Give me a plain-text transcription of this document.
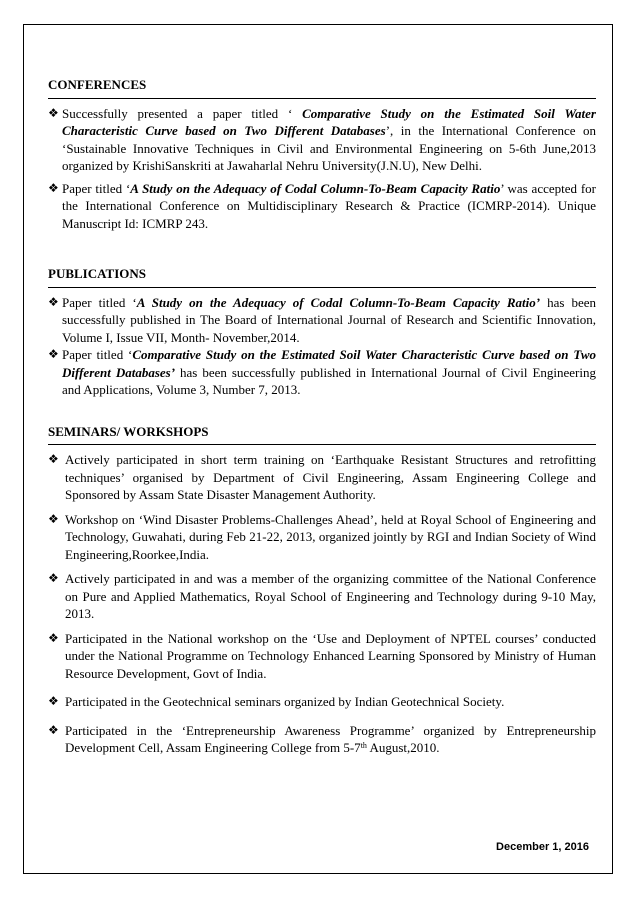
CONFERENCES
❖ Successfully presented a paper titled ‘ Comparative Study on the Estimated Soil Water Characteristic Curve based on Two Different Databases’, in the International Conference on ‘Sustainable Innovative Techniques in Civil and Environmental Engineering on 5-6th June,2013 organized by KrishiSanskriti at Jawaharlal Nehru University(J.N.U), New Delhi.
❖ Paper titled ‘A Study on the Adequacy of Codal Column-To-Beam Capacity Ratio’ was accepted for the International Conference on Multidisciplinary Research & Practice (ICMRP-2014). Unique Manuscript Id: ICMRP 243.
PUBLICATIONS
❖ Paper titled ‘A Study on the Adequacy of Codal Column-To-Beam Capacity Ratio’ has been successfully published in The Board of International Journal of Research and Scientific Innovation, Volume I, Issue VII, Month- November,2014.
❖ Paper titled ‘Comparative Study on the Estimated Soil Water Characteristic Curve based on Two Different Databases’ has been successfully published in International Journal of Civil Engineering and Applications, Volume 3, Number 7, 2013.
SEMINARS/ WORKSHOPS
❖ Actively participated in short term training on ‘Earthquake Resistant Structures and retrofitting techniques’ organised by Department of Civil Engineering, Assam Engineering College and Sponsored by Assam State Disaster Management Authority.
❖ Workshop on ‘Wind Disaster Problems-Challenges Ahead’, held at Royal School of Engineering and Technology, Guwahati, during Feb 21-22, 2013, organized jointly by RGI and Indian Society of Wind Engineering,Roorkee,India.
❖ Actively participated in and was a member of the organizing committee of the National Conference on Pure and Applied Mathematics, Royal School of Engineering and Technology during 9-10 May, 2013.
❖ Participated in the National workshop on the ‘Use and Deployment of NPTEL courses’ conducted under the National Programme on Technology Enhanced Learning Sponsored by Ministry of Human Resource Development, Govt of India.
❖ Participated in the Geotechnical seminars organized by Indian Geotechnical Society.
❖ Participated in the ‘Entrepreneurship Awareness Programme’ organized by Entrepreneurship Development Cell, Assam Engineering College from 5-7th August,2010.
December 1, 2016
